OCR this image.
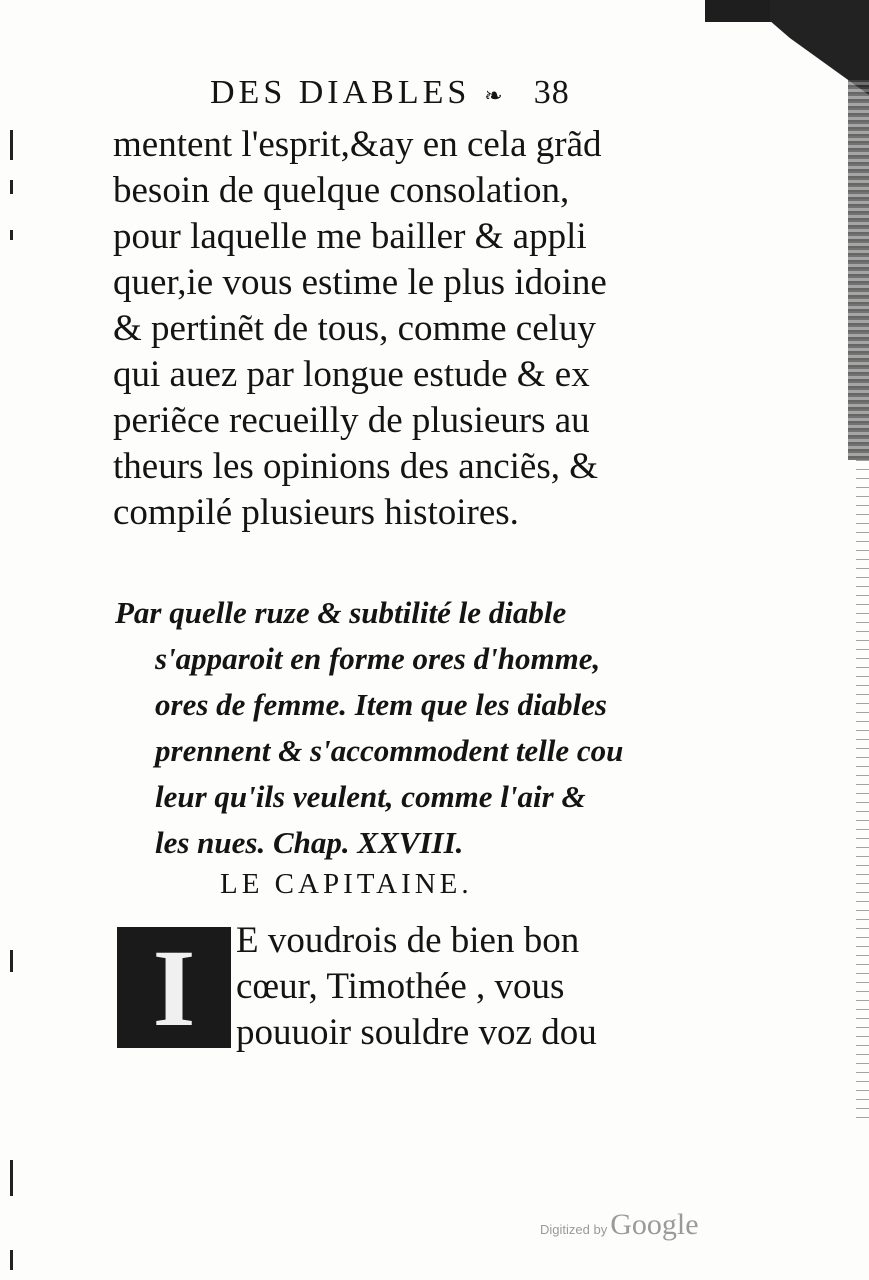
DES DIABLES ❧ 38
mentent l'esprit,&ay en cela grãd
besoin de quelque consolation,
pour laquelle me bailler & appli
quer,ie vous estime le plus idoine
& pertinẽt de tous, comme celuy
qui auez par longue estude & ex
periẽce recueilly de plusieurs au
theurs les opinions des anciẽs, &
compilé plusieurs histoires.
Par quelle ruze & subtilité le diable
s'apparoit en forme ores d'homme,
ores de femme. Item que les diables
prennent & s'accommodent telle cou
leur qu'ils veulent, comme l'air &
les nues. Chap. XXVIII.
LE CAPITAINE.
I E voudrois de bien bon
cœur, Timothée , vous
pouuoir souldre voz dou
Digitized by Google
